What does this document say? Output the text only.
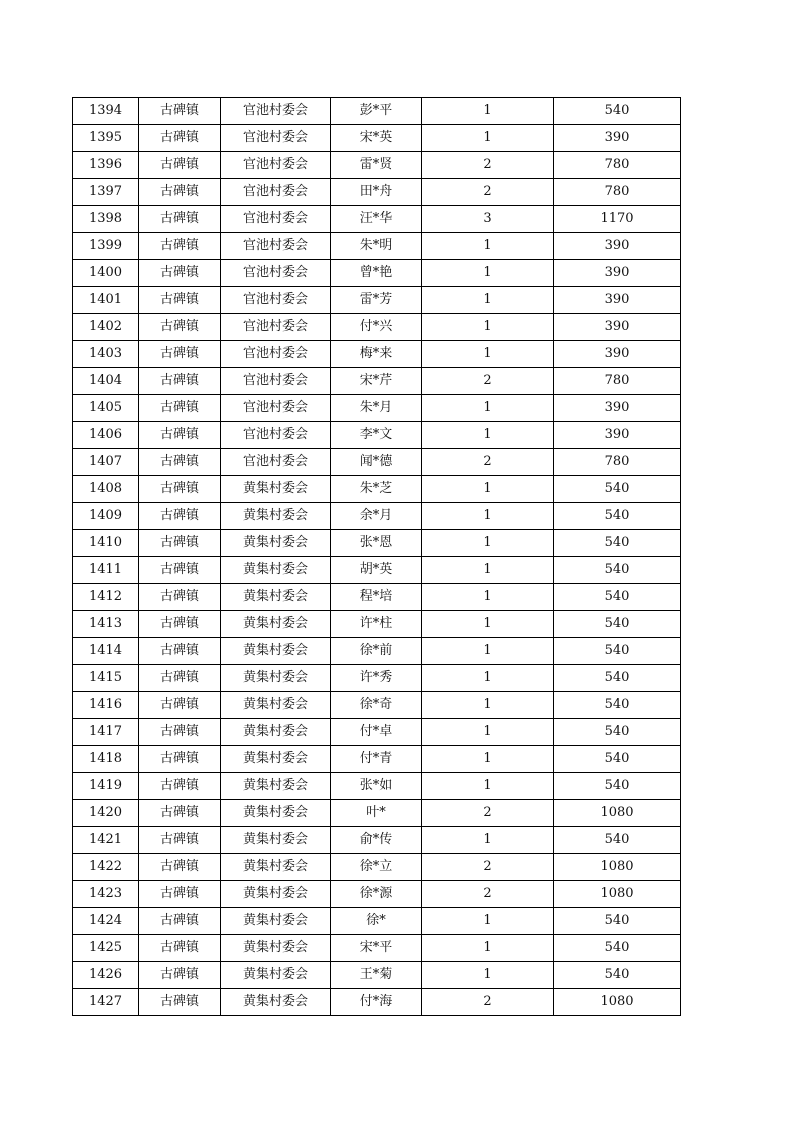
1394	古碑镇	官池村委会	彭*平	1	540
1395	古碑镇	官池村委会	宋*英	1	390
1396	古碑镇	官池村委会	雷*贤	2	780
1397	古碑镇	官池村委会	田*舟	2	780
1398	古碑镇	官池村委会	汪*华	3	1170
1399	古碑镇	官池村委会	朱*明	1	390
1400	古碑镇	官池村委会	曾*艳	1	390
1401	古碑镇	官池村委会	雷*芳	1	390
1402	古碑镇	官池村委会	付*兴	1	390
1403	古碑镇	官池村委会	梅*来	1	390
1404	古碑镇	官池村委会	宋*芹	2	780
1405	古碑镇	官池村委会	朱*月	1	390
1406	古碑镇	官池村委会	李*文	1	390
1407	古碑镇	官池村委会	闻*德	2	780
1408	古碑镇	黄集村委会	朱*芝	1	540
1409	古碑镇	黄集村委会	余*月	1	540
1410	古碑镇	黄集村委会	张*恩	1	540
1411	古碑镇	黄集村委会	胡*英	1	540
1412	古碑镇	黄集村委会	程*培	1	540
1413	古碑镇	黄集村委会	许*柱	1	540
1414	古碑镇	黄集村委会	徐*前	1	540
1415	古碑镇	黄集村委会	许*秀	1	540
1416	古碑镇	黄集村委会	徐*奇	1	540
1417	古碑镇	黄集村委会	付*卓	1	540
1418	古碑镇	黄集村委会	付*青	1	540
1419	古碑镇	黄集村委会	张*如	1	540
1420	古碑镇	黄集村委会	叶*	2	1080
1421	古碑镇	黄集村委会	俞*传	1	540
1422	古碑镇	黄集村委会	徐*立	2	1080
1423	古碑镇	黄集村委会	徐*源	2	1080
1424	古碑镇	黄集村委会	徐*	1	540
1425	古碑镇	黄集村委会	宋*平	1	540
1426	古碑镇	黄集村委会	王*菊	1	540
1427	古碑镇	黄集村委会	付*海	2	1080
